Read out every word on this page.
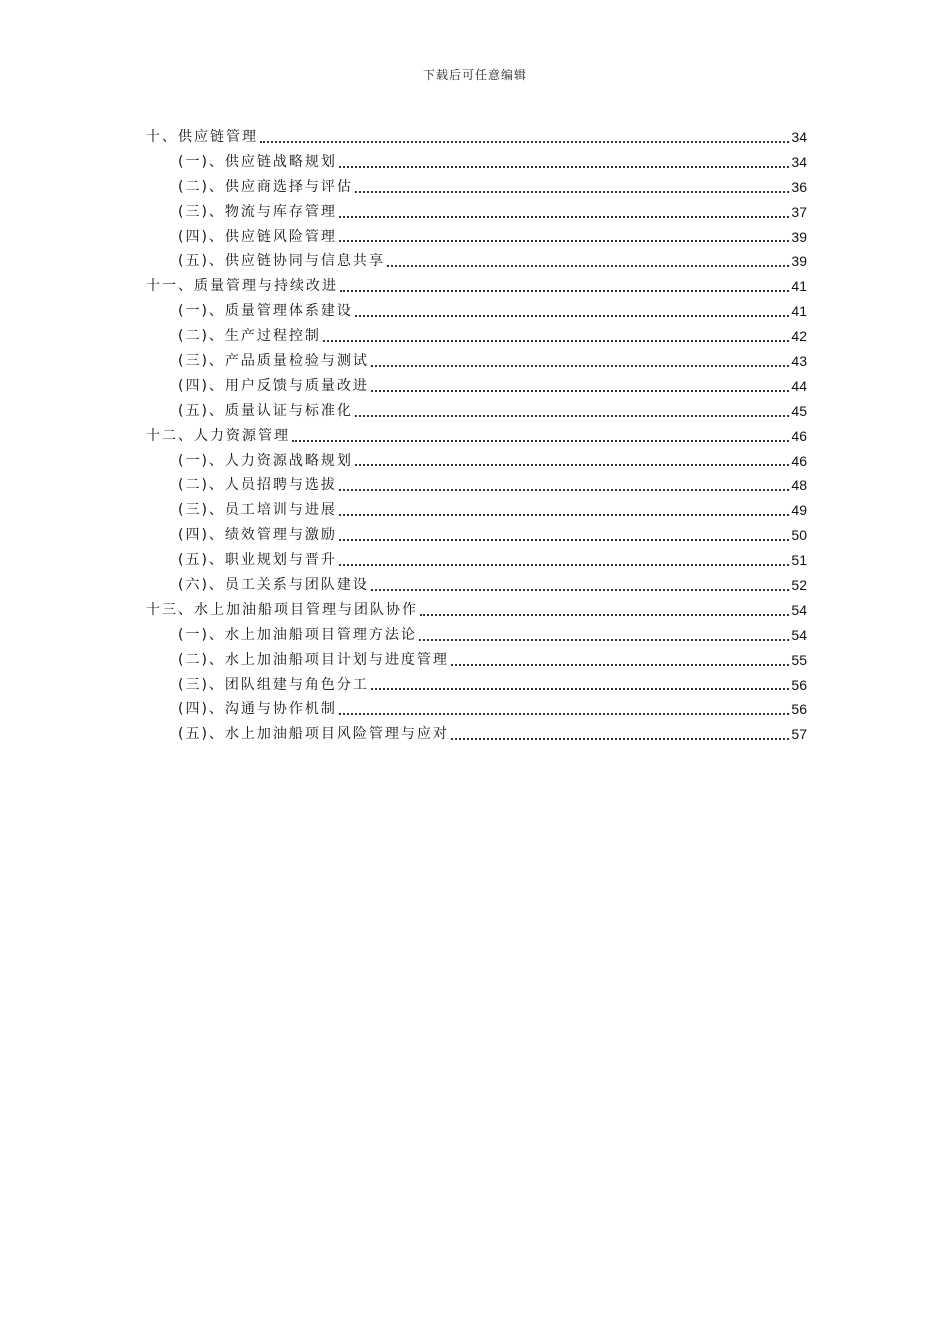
下载后可任意编辑
十、供应链管理	34
(一)、供应链战略规划	34
(二)、供应商选择与评估	36
(三)、物流与库存管理	37
(四)、供应链风险管理	39
(五)、供应链协同与信息共享	39
十一、质量管理与持续改进	41
(一)、质量管理体系建设	41
(二)、生产过程控制	42
(三)、产品质量检验与测试	43
(四)、用户反馈与质量改进	44
(五)、质量认证与标准化	45
十二、人力资源管理	46
(一)、人力资源战略规划	46
(二)、人员招聘与选拔	48
(三)、员工培训与进展	49
(四)、绩效管理与激励	50
(五)、职业规划与晋升	51
(六)、员工关系与团队建设	52
十三、水上加油船项目管理与团队协作	54
(一)、水上加油船项目管理方法论	54
(二)、水上加油船项目计划与进度管理	55
(三)、团队组建与角色分工	56
(四)、沟通与协作机制	56
(五)、水上加油船项目风险管理与应对	57
